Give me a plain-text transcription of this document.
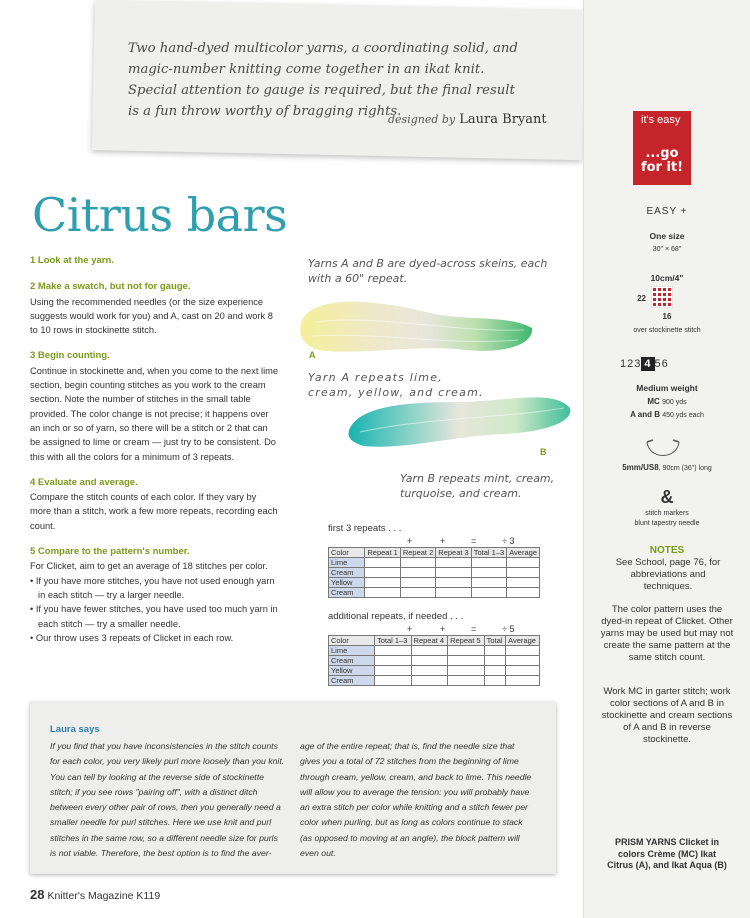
Two hand-dyed multicolor yarns, a coordinating solid, and magic-number knitting come together in an ikat knit. Special attention to gauge is required, but the final result is a fun throw worthy of bragging rights.
designed by Laura Bryant
Citrus bars
1 Look at the yarn.
2 Make a swatch, but not for gauge.

Using the recommended needles (or the size experience suggests would work for you) and A, cast on 20 and work 8 to 10 rows in stockinette stitch.

3 Begin counting.

Continue in stockinette and, when you come to the next lime section, begin counting stitches as you work to the cream section. Note the number of stitches in the small table provided. The color change is not precise; it happens over an inch or so of yarn, so there will be a stitch or 2 that can be assigned to lime or cream — just try to be consistent. Do this with all the colors for a minimum of 3 repeats.

4 Evaluate and average.

Compare the stitch counts of each color. If they vary by more than a stitch, work a few more repeats, recording each count.

5 Compare to the pattern's number.

For Clicket, aim to get an average of 18 stitches per color.

• If you have more stitches, you have not used enough yarn in each stitch — try a larger needle.
• If you have fewer stitches, you have used too much yarn in each stitch — try a smaller needle.
• Our throw uses 3 repeats of Clicket in each row.
Yarns A and B are dyed-across skeins, each with a 60" repeat.
A
Yarn A repeats lime, cream, yellow, and cream.
B
Yarn B repeats mint, cream, turquoise, and cream.
first 3 repeats . . .
+	+	=	÷ 3
Color	Repeat 1	Repeat 2	Repeat 3	Total 1–3	Average
Lime					
Cream					
Yellow					
Cream					
additional repeats, if needed . . .
+	+	=	÷ 5
Color	Total 1–3	Repeat 4	Repeat 5	Total	Average
Lime					
Cream					
Yellow					
Cream					
Laura says
If you find that you have inconsistencies in the stitch counts for each color, you very likely purl more loosely than you knit. You can tell by looking at the reverse side of stockinette stitch; if you see rows "pairing off", with a distinct ditch between every other pair of rows, then you generally need a smaller needle for purl stitches. Here we use knit and purl stitches in the same row, so a different needle size for purls is not viable. Therefore, the best option is to find the aver-
age of the entire repeat; that is, find the needle size that gives you a total of 72 stitches from the beginning of lime through cream, yellow, cream, and back to lime. This needle will allow you to average the tension: you will probably have an extra stitch per color while knitting and a stitch fewer per color when purling, but as long as colors continue to stack (as opposed to moving at an angle), the block pattern will even out.
28 Knitter's Magazine K119
it's easy
...go for it!
EASY +
One size
30" × 68"
10cm/4"
22
16
over stockinette stitch
123 4 56
Medium weight
MC 900 yds
A and B 450 yds each
5mm/US8, 90cm (36") long
&
stitch markers
blunt tapestry needle
NOTES
See School, page 76, for abbreviations and techniques.
The color pattern uses the dyed-in repeat of Clicket. Other yarns may be used but may not create the same pattern at the same stitch count.
Work MC in garter stitch; work color sections of A and B in stockinette and cream sections of A and B in reverse stockinette.
PRISM YARNS Clicket in colors Crème (MC) Ikat Citrus (A), and Ikat Aqua (B)
